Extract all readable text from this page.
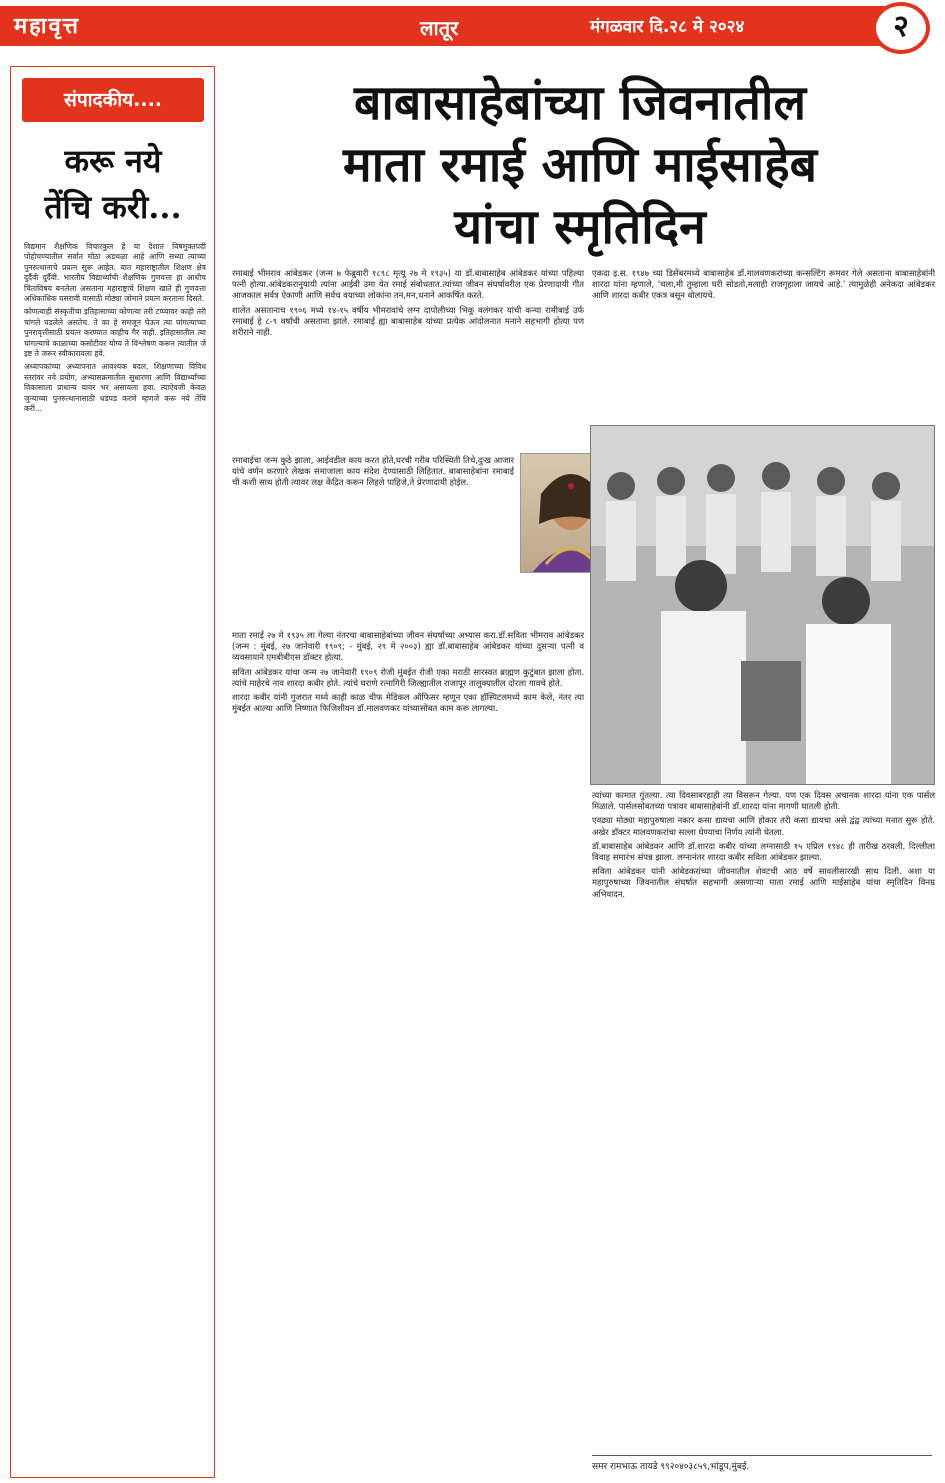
महावृत्त	लातूर	मंगळवार दि.२८ मे २०२४	२
संपादकीय....
करू नये
तेंचि करी...

विद्यमान शैक्षणिक विचारकुल हे या देशात विषमुक्तपदी पोहोचण्यातील सर्वात मोठा अडथळा आहे आणि सध्या त्याच्या पुनरुत्थानाचे प्रयत्न सुरू आहेत. यात महाराष्ट्रातील शिक्षण क्षेत्र दुर्दैवी दुर्दैवी. भारतीय विद्यार्थ्यांची शैक्षणिक गुणवत्ता हा आधीच चिंताविषय बनलेला असताना महाराष्ट्राचे शिक्षण खाते ही गुणवत्ता अधिकाधिक घसरावी यासाठी मोठ्या जोमाने प्रयत्न करताना दिसते.

कोणत्याही संस्कृतीचा इतिहासाच्या कोणत्या तरी टप्प्यावर काही तरी चांगले घडलेले असतेच. ते का हे समजून घेऊन त्या घांगल्याच्या पुनरावृत्तीसाठी प्रयत्न करण्यात काहीच गैर नाही. इतिहासातील त्या चांगल्याचे काळाच्या कसोटीवर योग्य ते विश्लेषण करून त्यातील जे इष्ट ते जरूर स्वीकारायला हवे.

अध्यापकांच्या अध्यापनात आवश्यक बदल, शिक्षणाच्या विविध स्तरांवर नवे प्रयोग, अभ्यासक्रमातील सुधारणा आणि विद्यार्थ्यांच्या विकासाला प्राधान्य यावर भर असायला हवा. त्याऐवजी केवळ जुन्याच्या पुनरुत्थानासाठी धडपड करणे म्हणजे करू नये तेंचि करी...

बाबासाहेबांच्या जिवनातील
माता रमाई आणि माईसाहेब
यांचा स्मृतिदिन

रमाबाई भीमराव आंबेडकर (जन्म ७ फेब्रुवारी १८९८ मृत्यू २७ मे १९३५) या डॉ.बाबासाहेब आंबेडकर यांच्या पहिल्या पत्नी होत्या.आंबेडकरानुयायी त्यांना आईवी उमा येत रमाई संबोधतात.त्यांच्या जीवन संघर्षावरील एक प्रेरणादायी गीत आजकाल सर्वत्र ऐकाणी आणि सर्वच वयाच्या लोकांना तन,मन,धनाने आकर्षित करते.

शालेत असतानाच १९०६ मध्ये १४-१५ वर्षीय भीमरावांचे लग्न दापोलीच्या भिकू वलंगकर यांची कन्या रामीबाई उर्फ रमाबाई हे ८-९ वर्षांची असताना झाले. रमाबाई ह्या बाबासाहेब यांच्या प्रत्येक आंदोलनात मनाने सहभागी होत्या पण शरीराने नाही.

रमाबाईचा जन्म कुठे झाला, आईवडील काय करत होते,घरची गरीब परिस्थिती तिचे,दुःख आजार यांचे वर्णन करणारे लेखक समाजाला काय संदेश देण्यासाठी लिहितात. बाबासाहेबांना रमाबाई ची कशी साथ होती त्यावर लक्ष केंद्रित करून लिहले पाहिजे,ते प्रेरणादायी होईल.

माता रमाई २७ मे १९३५ ला गेल्या नंतरचा बाबासाहेबांच्या जीवन संघर्षाच्या अभ्यास करा.डॉ.सविता भीमराव आंबेडकर (जन्म : मुंबई, २७ जानेवारी १९०९; - मुंबई, २९ मे २००३) ह्या डॉ.बाबासाहेब आंबेडकर यांच्या दुसऱ्या पत्नी व व्यवसायाने एमबीबीएस डॉक्टर होत्या.

सविता आंबेडकर यांचा जन्म २७ जानेवारी १९०९ रोजी मुंबईत रोजी एका मराठी सारस्वत ब्राह्मण कुटुंबात झाला होता. त्यांचे माहेरचे नाव शारदा कबीर होते. त्यांचे घराणे रत्नागिरी जिल्ह्यातील राजापूर तालुक्यातील दोरला गावचे होते.

शारदा कबीर यांनी गुजरात मध्ये काही काळ चीफ मेडिकल ऑफिसर म्हणून एका हॉस्पिटलमध्ये काम केले, नंतर त्या मुंबईत आल्या आणि निष्णात फिजिशीयन डॉ.मालवणकर यांच्यासोबत काम करू लागल्या.

एकदा इ.स. १९४७ च्या डिसेंबरमध्ये बाबासाहेब डॉ.मालवणकरांच्या कन्सल्टिंग रूमवर गेले असताना बाबासाहेबांनी शारदा यांना म्हणाले, 'चला,मी तुम्हाला घरी सोडतो,मलाही राजगृहाला जायचे आहे.' त्यामुळेही अनेकदा आंबेडकर आणि शारदा कबीर एकत्र बसून बोलायचे.

त्यांच्या कामात गुंतल्या. त्या दिवसाबरहाही त्या विसरून गेल्या. पण एक दिवस अचानक शारदा यांना एक पार्सल मिळाले. पार्सलसोबतच्या पत्रावर बाबासाहेबांनी डॉ.शारदा यांना मागणी घातली होती.

एवढ्या मोठ्या महापुरुषाला नकार कसा द्यायचा आणि होकार तरी कसा द्यायचा असे द्वंद्व त्यांच्या मनात सुरू होते. अखेर डॉक्टर मालवणकरांचा सल्ला घेण्याचा निर्णय त्यांनी घेतला.

डॉ.बाबासाहेब आंबेडकर आणि डॉ.शारदा कबीर यांच्या लग्नासाठी १५ एप्रिल १९४८ ही तारीख ठरवली. दिल्लीला विवाह समारंभ संपन्न झाला. लग्नानंतर शारदा कबीर सविता आंबेडकर झाल्या.

सविता आंबेडकर यांनी आंबेडकरांच्या जीवनातील शेवटची आठ वर्षे सावलीसारखी साथ दिली. अशा या महापुरुषाच्या जिवनातील संघर्षात सहभागी असणाऱ्या माता रमाई आणि माईसाहेब यांचा स्मृतिदिन विनम्र अभिवादन.

समर रामभाऊ तायडे ९९२०४०३८५९,भांडूप,मुंबई.
